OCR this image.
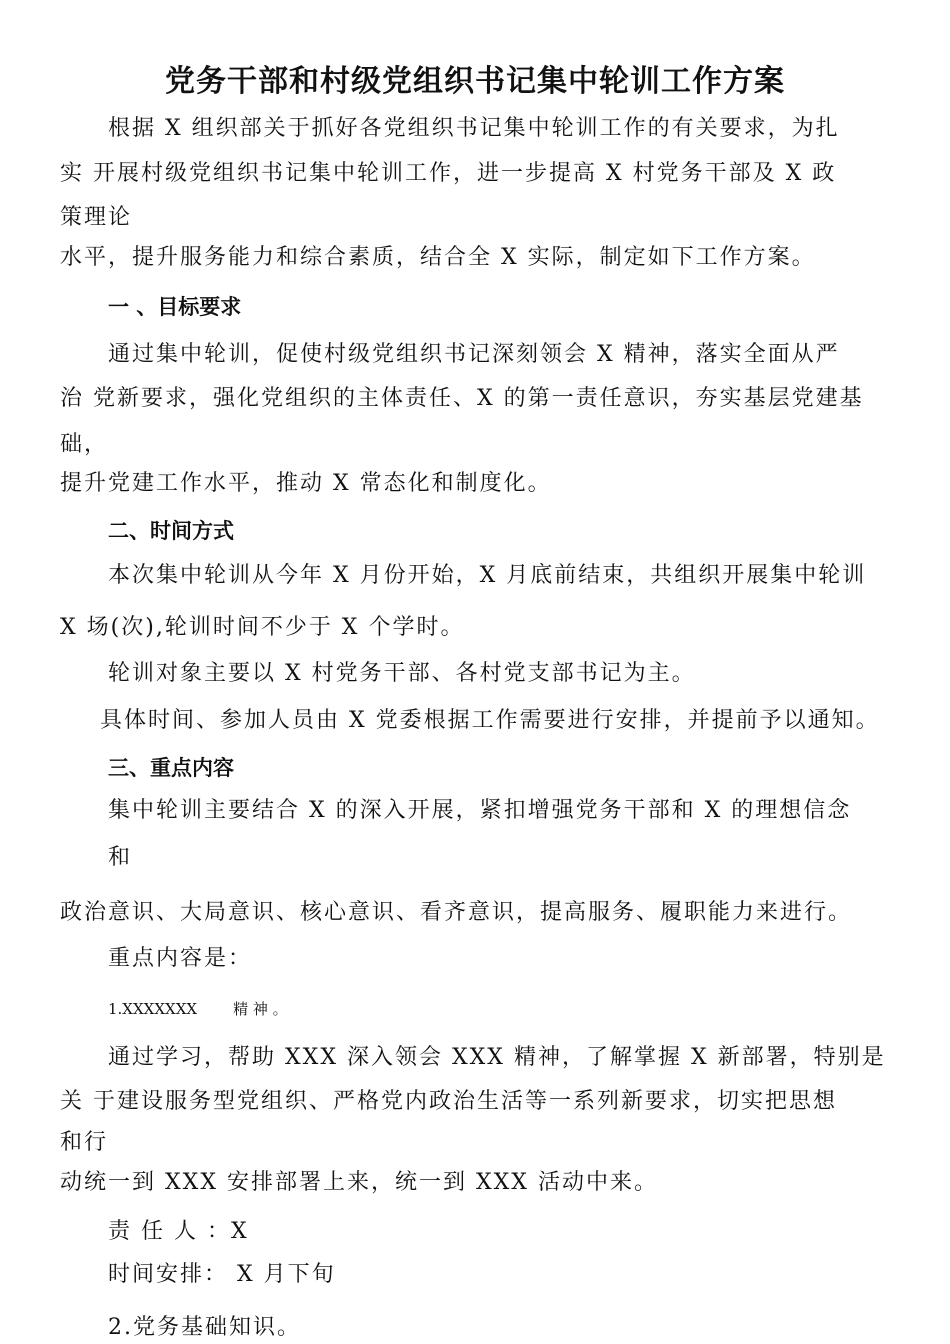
党务干部和村级党组织书记集中轮训工作方案
根据 X 组织部关于抓好各党组织书记集中轮训工作的有关要求，为扎
实 开展村级党组织书记集中轮训工作，进一步提高 X 村党务干部及 X 政
策理论
水平，提升服务能力和综合素质，结合全 X 实际，制定如下工作方案。
一 、目标要求
通过集中轮训，促使村级党组织书记深刻领会 X 精神，落实全面从严
治 党新要求，强化党组织的主体责任、X 的第一责任意识，夯实基层党建基
础，
提升党建工作水平，推动 X 常态化和制度化。
二、时间方式
本次集中轮训从今年 X 月份开始，X 月底前结束，共组织开展集中轮训
X 场(次),轮训时间不少于 X 个学时。
轮训对象主要以 X 村党务干部、各村党支部书记为主。
具体时间、参加人员由 X 党委根据工作需要进行安排，并提前予以通知。
三、重点内容
集中轮训主要结合 X 的深入开展，紧扣增强党务干部和 X 的理想信念
和
政治意识、大局意识、核心意识、看齐意识，提高服务、履职能力来进行。
重点内容是：
1.XXXXXXX 精 神 。
通过学习，帮助 XXX 深入领会 XXX 精神，了解掌握 X 新部署，特别是
关 于建设服务型党组织、严格党内政治生活等一系列新要求，切实把思想
和行
动统一到 XXX 安排部署上来，统一到 XXX 活动中来。
责 任 人 ：X
时间安排： X 月下旬
2.党务基础知识。
